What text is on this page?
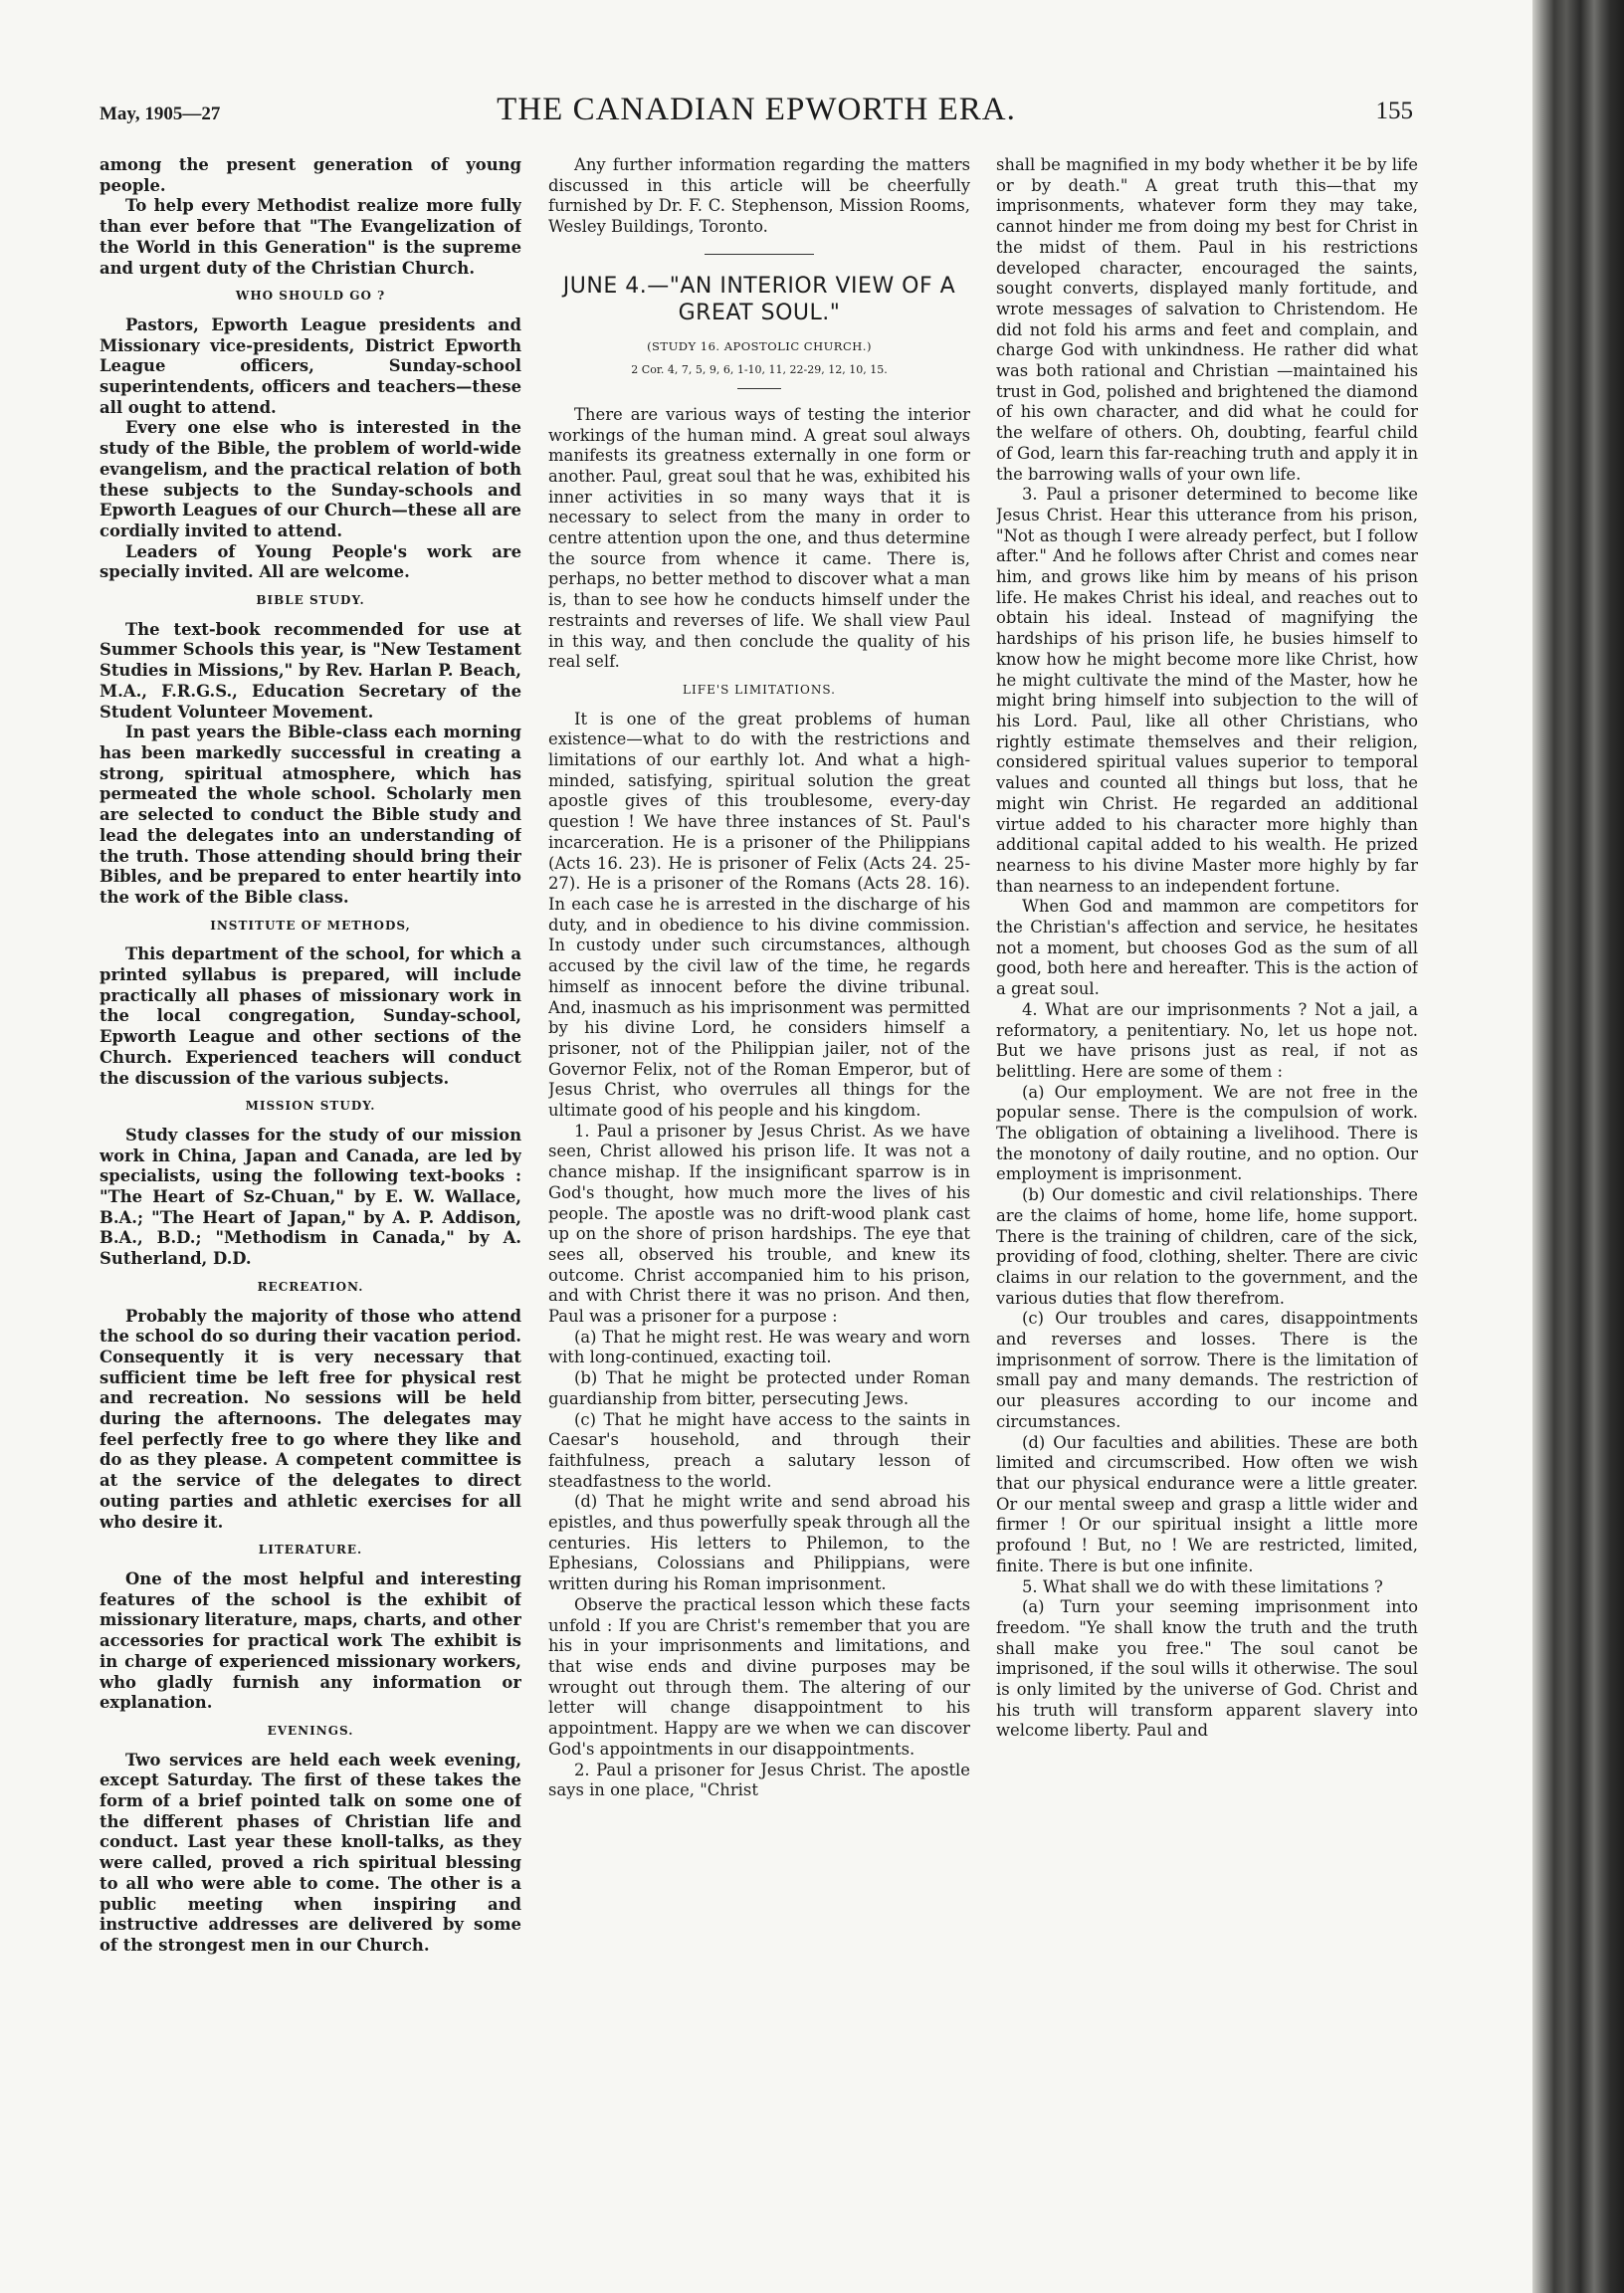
May, 1905—27	THE CANADIAN EPWORTH ERA.	155

among the present generation of young people.

To help every Methodist realize more fully than ever before that "The Evangelization of the World in this Generation" is the supreme and urgent duty of the Christian Church.

WHO SHOULD GO ?

Pastors, Epworth League presidents and Missionary vice-presidents, District Epworth League officers, Sunday-school superintendents, officers and teachers—these all ought to attend.

Every one else who is interested in the study of the Bible, the problem of world-wide evangelism, and the practical relation of both these subjects to the Sunday-schools and Epworth Leagues of our Church—these all are cordially invited to attend.

Leaders of Young People's work are specially invited. All are welcome.

BIBLE STUDY.

The text-book recommended for use at Summer Schools this year, is "New Testament Studies in Missions," by Rev. Harlan P. Beach, M.A., F.R.G.S., Education Secretary of the Student Volunteer Movement.

In past years the Bible-class each morning has been markedly successful in creating a strong, spiritual atmosphere, which has permeated the whole school. Scholarly men are selected to conduct the Bible study and lead the delegates into an understanding of the truth. Those attending should bring their Bibles, and be prepared to enter heartily into the work of the Bible class.

INSTITUTE OF METHODS,

This department of the school, for which a printed syllabus is prepared, will include practically all phases of missionary work in the local congregation, Sunday-school, Epworth League and other sections of the Church. Experienced teachers will conduct the discussion of the various subjects.

MISSION STUDY.

Study classes for the study of our mission work in China, Japan and Canada, are led by specialists, using the following text-books : "The Heart of Sz-Chuan," by E. W. Wallace, B.A.; "The Heart of Japan," by A. P. Addison, B.A., B.D.; "Methodism in Canada," by A. Sutherland, D.D.

RECREATION.

Probably the majority of those who attend the school do so during their vacation period. Consequently it is very necessary that sufficient time be left free for physical rest and recreation. No sessions will be held during the afternoons. The delegates may feel perfectly free to go where they like and do as they please. A competent committee is at the service of the delegates to direct outing parties and athletic exercises for all who desire it.

LITERATURE.

One of the most helpful and interesting features of the school is the exhibit of missionary literature, maps, charts, and other accessories for practical work The exhibit is in charge of experienced missionary workers, who gladly furnish any information or explanation.

EVENINGS.

Two services are held each week evening, except Saturday. The first of these takes the form of a brief pointed talk on some one of the different phases of Christian life and conduct. Last year these knoll-talks, as they were called, proved a rich spiritual blessing to all who were able to come. The other is a public meeting when inspiring and instructive addresses are delivered by some of the strongest men in our Church.

Any further information regarding the matters discussed in this article will be cheerfully furnished by Dr. F. C. Stephenson, Mission Rooms, Wesley Buildings, Toronto.

JUNE 4.—"AN INTERIOR VIEW OF A GREAT SOUL."
(STUDY 16. APOSTOLIC CHURCH.)
2 Cor. 4, 7, 5, 9, 6, 1-10, 11, 22-29, 12, 10, 15.

There are various ways of testing the interior workings of the human mind. A great soul always manifests its greatness externally in one form or another. Paul, great soul that he was, exhibited his inner activities in so many ways that it is necessary to select from the many in order to centre attention upon the one, and thus determine the source from whence it came. There is, perhaps, no better method to discover what a man is, than to see how he conducts himself under the restraints and reverses of life. We shall view Paul in this way, and then conclude the quality of his real self.

LIFE'S LIMITATIONS.

It is one of the great problems of human existence—what to do with the restrictions and limitations of our earthly lot. And what a high-minded, satisfying, spiritual solution the great apostle gives of this troublesome, every-day question ! We have three instances of St. Paul's incarceration. He is a prisoner of the Philippians (Acts 16. 23). He is prisoner of Felix (Acts 24. 25-27). He is a prisoner of the Romans (Acts 28. 16). In each case he is arrested in the discharge of his duty, and in obedience to his divine commission. In custody under such circumstances, although accused by the civil law of the time, he regards himself as innocent before the divine tribunal. And, inasmuch as his imprisonment was permitted by his divine Lord, he considers himself a prisoner, not of the Philippian jailer, not of the Governor Felix, not of the Roman Emperor, but of Jesus Christ, who overrules all things for the ultimate good of his people and his kingdom.

1. Paul a prisoner by Jesus Christ. As we have seen, Christ allowed his prison life. It was not a chance mishap. If the insignificant sparrow is in God's thought, how much more the lives of his people. The apostle was no drift-wood plank cast up on the shore of prison hardships. The eye that sees all, observed his trouble, and knew its outcome. Christ accompanied him to his prison, and with Christ there it was no prison. And then, Paul was a prisoner for a purpose :

(a) That he might rest. He was weary and worn with long-continued, exacting toil.

(b) That he might be protected under Roman guardianship from bitter, persecuting Jews.

(c) That he might have access to the saints in Caesar's household, and through their faithfulness, preach a salutary lesson of steadfastness to the world.

(d) That he might write and send abroad his epistles, and thus powerfully speak through all the centuries. His letters to Philemon, to the Ephesians, Colossians and Philippians, were written during his Roman imprisonment.

Observe the practical lesson which these facts unfold : If you are Christ's remember that you are his in your imprisonments and limitations, and that wise ends and divine purposes may be wrought out through them. The altering of our letter will change disappointment to his appointment. Happy are we when we can discover God's appointments in our disappointments.

2. Paul a prisoner for Jesus Christ. The apostle says in one place, "Christ

shall be magnified in my body whether it be by life or by death." A great truth this—that my imprisonments, whatever form they may take, cannot hinder me from doing my best for Christ in the midst of them. Paul in his restrictions developed character, encouraged the saints, sought converts, displayed manly fortitude, and wrote messages of salvation to Christendom. He did not fold his arms and feet and complain, and charge God with unkindness. He rather did what was both rational and Christian —maintained his trust in God, polished and brightened the diamond of his own character, and did what he could for the welfare of others. Oh, doubting, fearful child of God, learn this far-reaching truth and apply it in the barrowing walls of your own life.

3. Paul a prisoner determined to become like Jesus Christ. Hear this utterance from his prison, "Not as though I were already perfect, but I follow after." And he follows after Christ and comes near him, and grows like him by means of his prison life. He makes Christ his ideal, and reaches out to obtain his ideal. Instead of magnifying the hardships of his prison life, he busies himself to know how he might become more like Christ, how he might cultivate the mind of the Master, how he might bring himself into subjection to the will of his Lord. Paul, like all other Christians, who rightly estimate themselves and their religion, considered spiritual values superior to temporal values and counted all things but loss, that he might win Christ. He regarded an additional virtue added to his character more highly than additional capital added to his wealth. He prized nearness to his divine Master more highly by far than nearness to an independent fortune.

When God and mammon are competitors for the Christian's affection and service, he hesitates not a moment, but chooses God as the sum of all good, both here and hereafter. This is the action of a great soul.

4. What are our imprisonments ? Not a jail, a reformatory, a penitentiary. No, let us hope not. But we have prisons just as real, if not as belittling. Here are some of them :

(a) Our employment. We are not free in the popular sense. There is the compulsion of work. The obligation of obtaining a livelihood. There is the monotony of daily routine, and no option. Our employment is imprisonment.

(b) Our domestic and civil relationships. There are the claims of home, home life, home support. There is the training of children, care of the sick, providing of food, clothing, shelter. There are civic claims in our relation to the government, and the various duties that flow therefrom.

(c) Our troubles and cares, disappointments and reverses and losses. There is the imprisonment of sorrow. There is the limitation of small pay and many demands. The restriction of our pleasures according to our income and circumstances.

(d) Our faculties and abilities. These are both limited and circumscribed. How often we wish that our physical endurance were a little greater. Or our mental sweep and grasp a little wider and firmer ! Or our spiritual insight a little more profound ! But, no ! We are restricted, limited, finite. There is but one infinite.

5. What shall we do with these limitations ?

(a) Turn your seeming imprisonment into freedom. "Ye shall know the truth and the truth shall make you free." The soul canot be imprisoned, if the soul wills it otherwise. The soul is only limited by the universe of God. Christ and his truth will transform apparent slavery into welcome liberty. Paul and
